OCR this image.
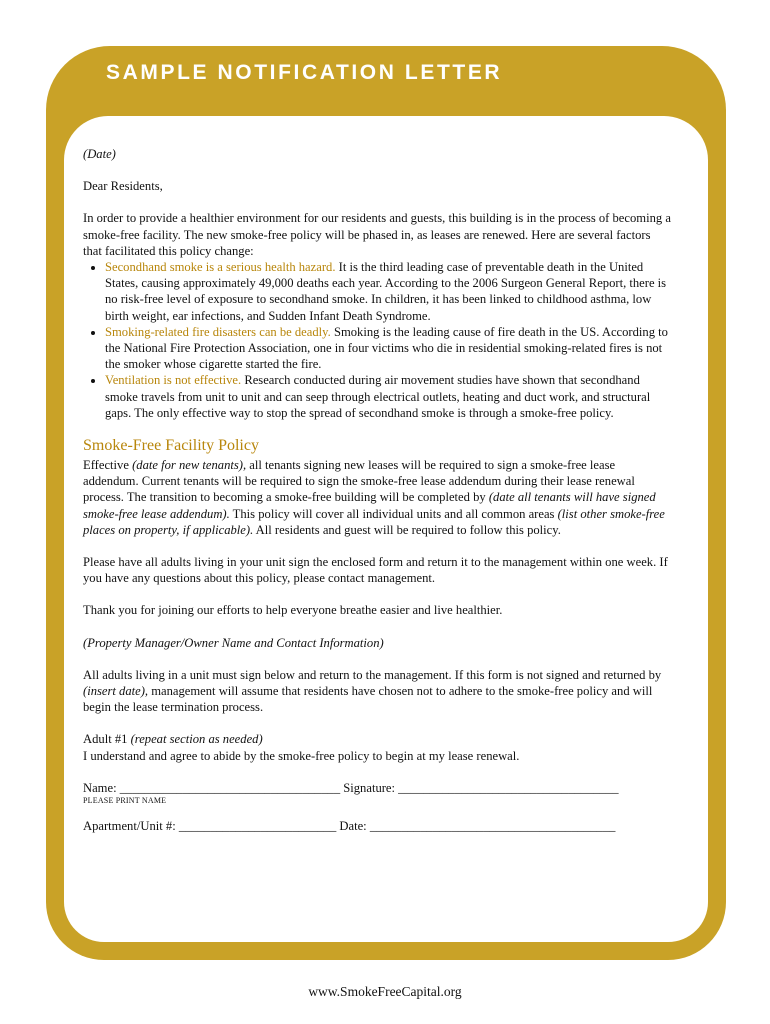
SAMPLE NOTIFICATION LETTER

(Date)

Dear Residents,

In order to provide a healthier environment for our residents and guests, this building is in the process of becoming a smoke-free facility. The new smoke-free policy will be phased in, as leases are renewed. Here are several factors that facilitated this policy change:

• Secondhand smoke is a serious health hazard. It is the third leading case of preventable death in the United States, causing approximately 49,000 deaths each year. According to the 2006 Surgeon General Report, there is no risk-free level of exposure to secondhand smoke. In children, it has been linked to childhood asthma, low birth weight, ear infections, and Sudden Infant Death Syndrome.
• Smoking-related fire disasters can be deadly. Smoking is the leading cause of fire death in the US. According to the National Fire Protection Association, one in four victims who die in residential smoking-related fires is not the smoker whose cigarette started the fire.
• Ventilation is not effective. Research conducted during air movement studies have shown that secondhand smoke travels from unit to unit and can seep through electrical outlets, heating and duct work, and structural gaps. The only effective way to stop the spread of secondhand smoke is through a smoke-free policy.
Smoke-Free Facility Policy

Effective (date for new tenants), all tenants signing new leases will be required to sign a smoke-free lease addendum. Current tenants will be required to sign the smoke-free lease addendum during their lease renewal process. The transition to becoming a smoke-free building will be completed by (date all tenants will have signed smoke-free lease addendum). This policy will cover all individual units and all common areas (list other smoke-free places on property, if applicable). All residents and guest will be required to follow this policy.

Please have all adults living in your unit sign the enclosed form and return it to the management within one week. If you have any questions about this policy, please contact management.

Thank you for joining our efforts to help everyone breathe easier and live healthier.

(Property Manager/Owner Name and Contact Information)

All adults living in a unit must sign below and return to the management. If this form is not signed and returned by (insert date), management will assume that residents have chosen not to adhere to the smoke-free policy and will begin the lease termination process.

Adult #1 (repeat section as needed)

I understand and agree to abide by the smoke-free policy to begin at my lease renewal.

Name: ___________________________________ Signature: ___________________________________

PLEASE PRINT NAME

Apartment/Unit #: _________________________ Date: _______________________________________

www.SmokeFreeCapital.org
